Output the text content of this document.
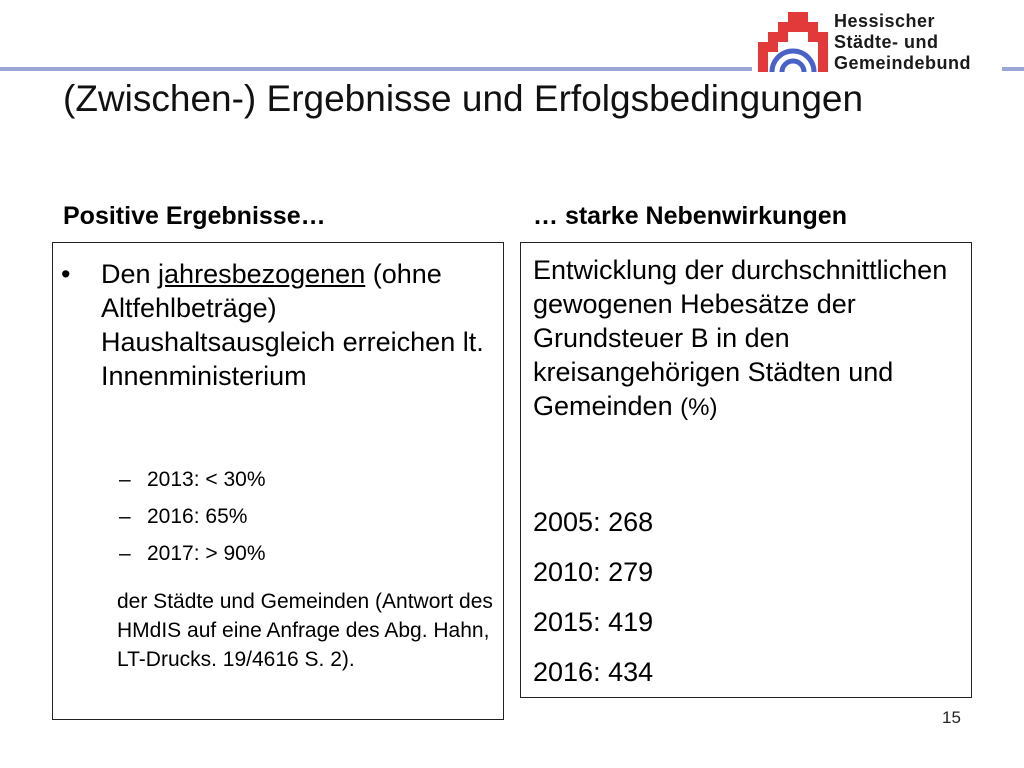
Hessischer
Städte- und
Gemeindebund
(Zwischen-) Ergebnisse und Erfolgsbedingungen
Positive Ergebnisse…	… starke Nebenwirkungen
• Den jahresbezogenen (ohne Altfehlbeträge) Haushaltsausgleich erreichen lt. Innenministerium
– 2013: < 30%
– 2016: 65%
– 2017: > 90%
der Städte und Gemeinden (Antwort des HMdIS auf eine Anfrage des Abg. Hahn, LT-Drucks. 19/4616 S. 2).
Entwicklung der durchschnittlichen gewogenen Hebesätze der Grundsteuer B in den kreisangehörigen Städten und Gemeinden (%)
2005: 268
2010: 279
2015: 419
2016: 434
15
